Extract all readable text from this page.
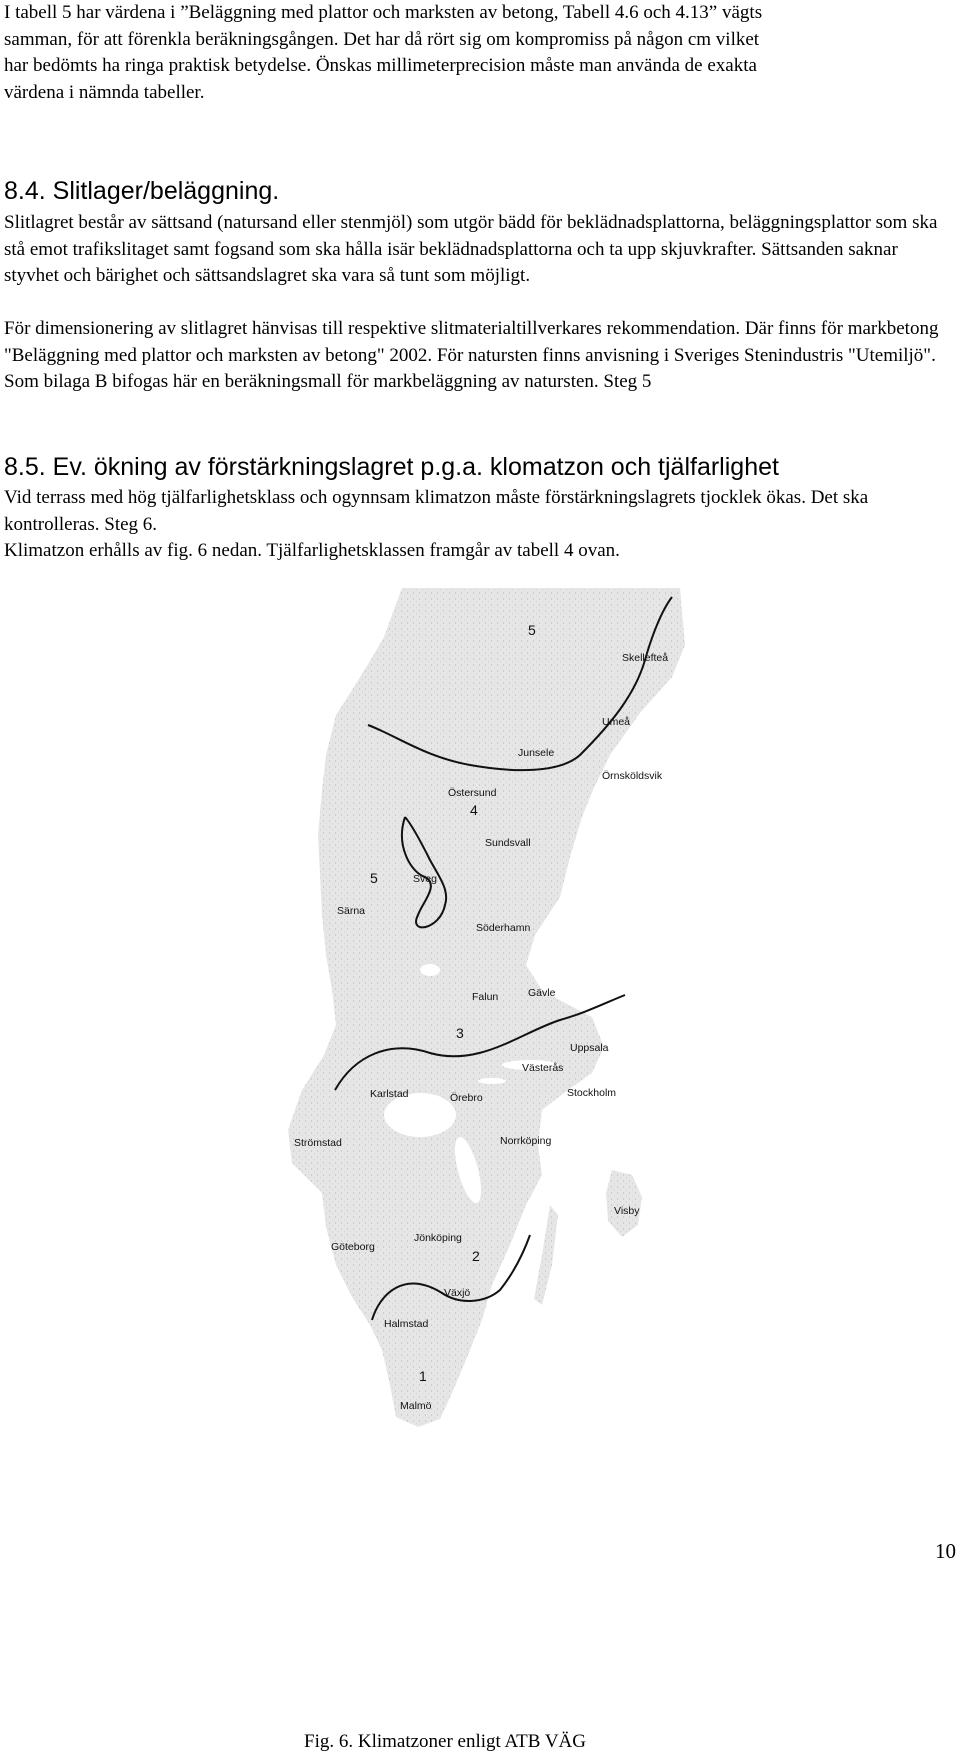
I tabell 5 har värdena i ”Beläggning med plattor och marksten av betong, Tabell 4.6 och 4.13” vägts

samman, för att förenkla beräkningsgången. Det har då rört sig om kompromiss på någon cm vilket

har bedömts ha ringa praktisk betydelse. Önskas millimeterprecision måste man använda de exakta

värdena i nämnda tabeller.

8.4. Slitlager/beläggning.

Slitlagret består av sättsand (natursand eller stenmjöl) som utgör bädd för beklädnadsplattorna, beläggningsplattor som ska stå emot trafikslitaget samt fogsand som ska hålla isär beklädnadsplattorna och ta upp skjuvkrafter. Sättsanden saknar styvhet och bärighet och sättsandslagret ska vara så tunt som möjligt.

För dimensionering av slitlagret hänvisas till respektive slitmaterialtillverkares rekommendation. Där finns för markbetong "Beläggning med plattor och marksten av betong" 2002. För natursten finns anvisning i Sveriges Stenindustris "Utemiljö". Som bilaga B bifogas här en beräkningsmall för markbeläggning av natursten. Steg 5

8.5. Ev. ökning av förstärkningslagret p.g.a. klomatzon och tjälfarlighet

Vid terrass med hög tjälfarlighetsklass och ogynnsam klimatzon måste förstärkningslagrets tjocklek ökas. Det ska kontrolleras. Steg 6.

Klimatzon erhålls av fig. 6 nedan. Tjälfarlighetsklassen framgår av tabell 4 ovan.

5
4
5
3
2
1
Skellefteå
Umeå
Junsele
Örnsköldsvik
Östersund
Sundsvall
Sveg
Särna
Söderhamn
Falun	Gävle
Uppsala
Västerås
Karlstad	Örebro	Stockholm
Strömstad	Norrköping
Visby
Jönköping
Göteborg
Växjö
Halmstad
Malmö

Fig. 6. Klimatzoner enligt ATB VÄG

10
